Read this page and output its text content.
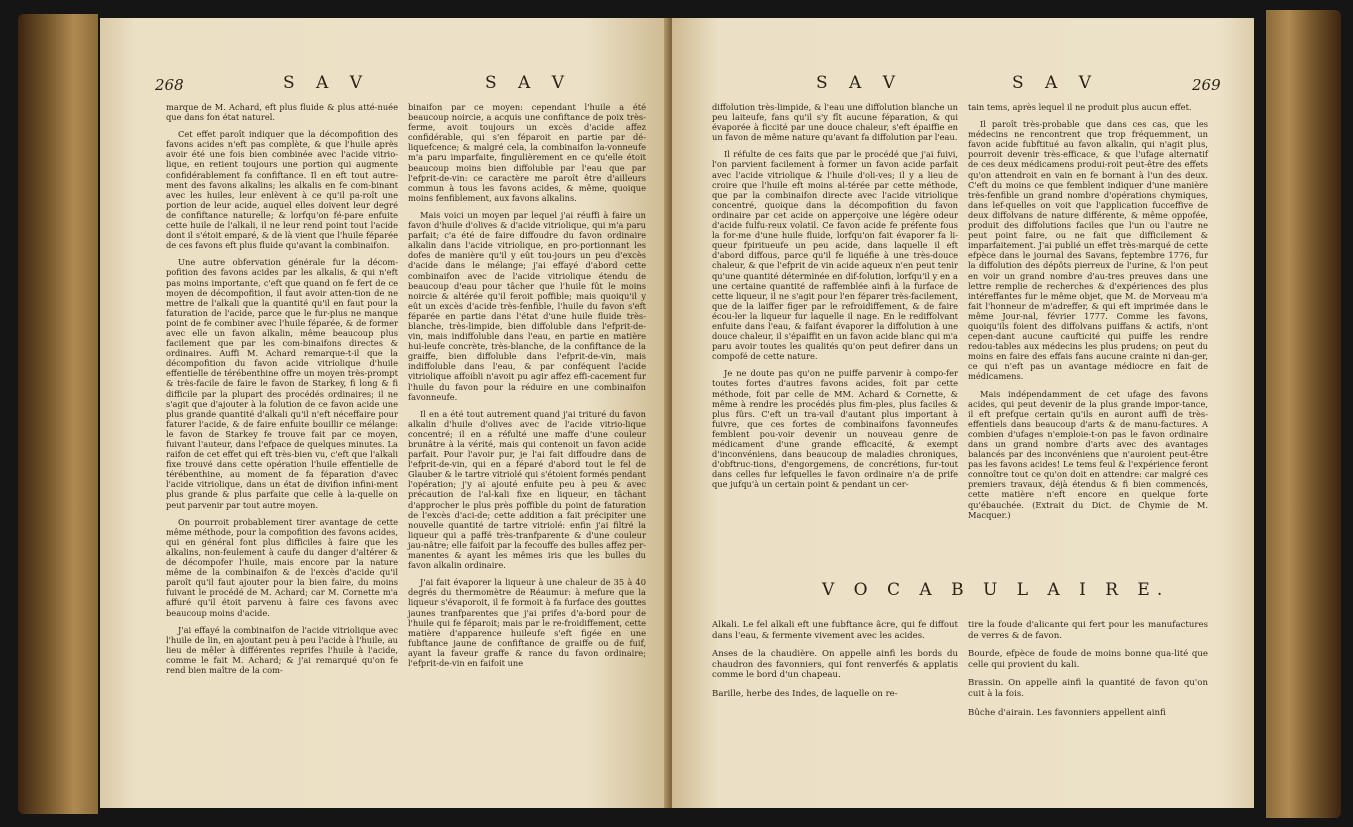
268	S A V	S A V

marque de M. Achard, eft plus fluide & plus atté-nuée que dans fon état naturel.

Cet effet paroît indiquer que la décompofition des favons acides n'eft pas complète, & que l'huile après avoir été une fois bien combinée avec l'acide vitrio-lique, en retient toujours une portion qui augmente confidérablement fa confiftance. Il en eft tout autre-ment des favons alkalins; les alkalis en fe com-binant avec les huiles, leur enlèvent à ce qu'il pa-roît une portion de leur acide, auquel elles doivent leur degré de confiftance naturelle; & lorfqu'on fé-pare enfuite cette huile de l'alkali, il ne leur rend point tout l'acide dont il s'étoit emparé, & de là vient que l'huile féparée de ces favons eft plus fluide qu'avant la combinaifon.

Une autre obfervation générale fur la décom-pofition des favons acides par les alkalis, & qui n'eft pas moins importante, c'eft que quand on fe fert de ce moyen de décompofition, il faut avoir atten-tion de ne mettre de l'alkali que la quantité qu'il en faut pour la faturation de l'acide, parce que le fur-plus ne manque point de fe combiner avec l'huile féparée, & de former avec elle un favon alkalin, même beaucoup plus facilement que par les com-binaifons directes & ordinaires. Auffi M. Achard remarque-t-il que la décompofition du favon acide vitriolique d'huile effentielle de térébenthine offre un moyen très-prompt & très-facile de faire le favon de Starkey, fi long & fi difficile par la plupart des procédés ordinaires; il ne s'agit que d'ajouter à la folution de ce favon acide une plus grande quantité d'alkali qu'il n'eft néceffaire pour faturer l'acide, & de faire enfuite bouillir ce mélange: le favon de Starkey fe trouve fait par ce moyen, fuivant l'auteur, dans l'efpace de quelques minutes. La raifon de cet effet qui eft très-bien vu, c'eft que l'alkali fixe trouvé dans cette opération l'huile effentielle de térébenthine, au moment de fa féparation d'avec l'acide vitriolique, dans un état de divifion infini-ment plus grande & plus parfaite que celle à la-quelle on peut parvenir par tout autre moyen.

On pourroit probablement tirer avantage de cette même méthode, pour la compofition des favons acides, qui en général font plus difficiles à faire que les alkalins, non-feulement à caufe du danger d'altérer & de décompofer l'huile, mais encore par la nature même de la combinaifon & de l'excès d'acide qu'il paroît qu'il faut ajouter pour la bien faire, du moins fuivant le procédé de M. Achard; car M. Cornette m'a affuré qu'il étoit parvenu à faire ces favons avec beaucoup moins d'acide.

J'ai effayé la combinaifon de l'acide vitriolique avec l'huile de lin, en ajoutant peu à peu l'acide à l'huile, au lieu de mêler à différentes reprifes l'huile à l'acide, comme le fait M. Achard; & j'ai remarqué qu'on fe rend bien maître de la com-

binaifon par ce moyen: cependant l'huile a été beaucoup noircie, a acquis une confiftance de poix très-ferme, avoit toujours un excès d'acide affez confidérable, qui s'en féparoit en partie par dé-liquefcence; & malgré cela, la combinaifon la-vonneufe m'a paru imparfaite, fingulièrement en ce qu'elle étoit beaucoup moins bien diffoluble par l'eau que par l'efprit-de-vin: ce caractère me paroît être d'ailleurs commun à tous les favons acides, & même, quoique moins fenfiblement, aux favons alkalins.

Mais voici un moyen par lequel j'ai réuffi à faire un favon d'huile d'olives & d'acide vitriolique, qui m'a paru parfait; c'a été de faire diffoudre du favon ordinaire alkalin dans l'acide vitriolique, en pro-portionnant les dofes de manière qu'il y eût tou-jours un peu d'excès d'acide dans le mélange; j'ai effayé d'abord cette combinaifon avec de l'acide vitriolique étendu de beaucoup d'eau pour tâcher que l'huile fût le moins noircie & altérée qu'il feroit poffible; mais quoiqu'il y eût un excès d'acide très-fenfible, l'huile du favon s'eft féparée en partie dans l'état d'une huile fluide très-blanche, très-limpide, bien diffoluble dans l'efprit-de-vin, mais indiffoluble dans l'eau, en partie en matière hui-leufe concrète, très-blanche, de la confiftance de la graiffe, bien diffoluble dans l'efprit-de-vin, mais indiffoluble dans l'eau, & par conféquent l'acide vitriolique affoibli n'avoit pu agir affez effi-cacement fur l'huile du favon pour la réduire en une combinaifon favonneufe.

Il en a été tout autrement quand j'ai trituré du favon alkalin d'huile d'olives avec de l'acide vitrio-lique concentré; il en a réfulté une maffe d'une couleur brunâtre à la vérité, mais qui contenoit un favon acide parfait. Pour l'avoir pur, je l'ai fait diffoudre dans de l'efprit-de-vin, qui en a féparé d'abord tout le fel de Glauber & le tartre vitriolé qui s'étoient formés pendant l'opération; j'y ai ajouté enfuite peu à peu & avec précaution de l'al-kali fixe en liqueur, en tâchant d'approcher le plus près poffible du point de faturation de l'excès d'aci-de; cette addition a fait précipiter une nouvelle quantité de tartre vitriolé: enfin j'ai filtré la liqueur qui a paffé très-tranfparente & d'une couleur jau-nâtre; elle faifoit par la fecouffe des bulles affez per-manentes & ayant les mêmes iris que les bulles du favon alkalin ordinaire.

J'ai fait évaporer la liqueur à une chaleur de 35 à 40 degrés du thermomètre de Réaumur: à mefure que la liqueur s'évaporoit, il fe formoit à fa furface des gouttes jaunes tranfparentes que j'ai prifes d'a-bord pour de l'huile qui fe féparoit; mais par le re-froidiffement, cette matière d'apparence huileufe s'eft figée en une fubftance jaune de confiftance de graiffe ou de fuif, ayant la faveur graffe & rance du favon ordinaire; l'efprit-de-vin en faifoit une

S A V	S A V	269

diffolution très-limpide, & l'eau une diffolution blanche un peu laiteufe, fans qu'il s'y fît aucune féparation, & qui évaporée à ficcité par une douce chaleur, s'eft épaiffie en un favon de même nature qu'avant fa diffolution par l'eau.

Il réfulte de ces faits que par le procédé que j'ai fuivi, l'on parvient facilement à former un favon acide parfait avec l'acide vitriolique & l'huile d'oli-ves; il y a lieu de croire que l'huile eft moins al-térée par cette méthode, que par la combinaifon directe avec l'acide vitriolique concentré, quoique dans la décompofition du favon ordinaire par cet acide on apperçoive une légère odeur d'acide fulfu-reux volatil. Ce favon acide fe préfente fous la for-me d'une huile fluide, lorfqu'on fait évaporer fa li-queur fpiritueufe un peu acide, dans laquelle il eft d'abord diffous, parce qu'il fe liquéfie à une très-douce chaleur, & que l'efprit de vin acide aqueux n'en peut tenir qu'une quantité déterminée en dif-folution, lorfqu'il y en a une certaine quantité de raffemblée ainfi à la furface de cette liqueur, il ne s'agit pour l'en féparer très-facilement, que de la laiffer figer par le refroidiffement, & de faire écou-ler la liqueur fur laquelle il nage. En le rediffolvant enfuite dans l'eau, & faifant évaporer la diffolution à une douce chaleur, il s'épaiffit en un favon acide blanc qui m'a paru avoir toutes les qualités qu'on peut defirer dans un compofé de cette nature.

Je ne doute pas qu'on ne puiffe parvenir à compo-fer toutes fortes d'autres favons acides, foit par cette méthode, foit par celle de MM. Achard & Cornette, & même à rendre les procédés plus fim-ples, plus faciles & plus fûrs. C'eft un tra-vail d'autant plus important à fuivre, que ces fortes de combinaifons favonneufes femblent pou-voir devenir un nouveau genre de médicament d'une grande efficacité, & exempt d'inconvéniens, dans beaucoup de maladies chroniques, d'obftruc-tions, d'engorgemens, de concrétions, fur-tout dans celles fur lefquelles le favon ordinaire n'a de prife que jufqu'à un certain point & pendant un cer-

tain tems, après lequel il ne produit plus aucun effet.

Il paroît très-probable que dans ces cas, que les médecins ne rencontrent que trop fréquemment, un favon acide fubftitué au favon alkalin, qui n'agit plus, pourroit devenir très-efficace, & que l'ufage alternatif de ces deux médicamens produi-roit peut-être des effets qu'on attendroit en vain en fe bornant à l'un des deux. C'eft du moins ce que femblent indiquer d'une manière très-fenfible un grand nombre d'opérations chymiques, dans lef-quelles on voit que l'application fucceffive de deux diffolvans de nature différente, & même oppofée, produit des diffolutions faciles que l'un ou l'autre ne peut point faire, ou ne fait que difficilement & imparfaitement. J'ai publié un effet très-marqué de cette efpèce dans le journal des Savans, feptembre 1776, fur la diffolution des dépôts pierreux de l'urine, & l'on peut en voir un grand nombre d'au-tres preuves dans une lettre remplie de recherches & d'expériences des plus intéreffantes fur le même objet, que M. de Morveau m'a fait l'honneur de m'adreffer, & qui eft imprimée dans le même Jour-nal, février 1777. Comme les favons, quoiqu'ils foient des diffolvans puiffans & actifs, n'ont cepen-dant aucune caufticité qui puiffe les rendre redou-tables aux médecins les plus prudens; on peut du moins en faire des effais fans aucune crainte ni dan-ger, ce qui n'eft pas un avantage médiocre en fait de médicamens.

Mais indépendamment de cet ufage des favons acides, qui peut devenir de la plus grande impor-tance, il eft prefque certain qu'ils en auront auffi de très-effentiels dans beaucoup d'arts & de manu-factures. A combien d'ufages n'emploie-t-on pas le favon ordinaire dans un grand nombre d'arts avec des avantages balancés par des inconvéniens que n'auroient peut-être pas les favons acides! Le tems feul & l'expérience feront connoître tout ce qu'on doit en attendre: car malgré ces premiers travaux, déjà étendus & fi bien commencés, cette matière n'eft encore en quelque forte qu'ébauchée. (Extrait du Dict. de Chymie de M. Macquer.)

V O C A B U L A I R E.
Alkali. Le fel alkali eft une fubftance âcre, qui fe diffout dans l'eau, & fermente vivement avec les acides.
Anses de la chaudière. On appelle ainfi les bords du chaudron des favonniers, qui font renverfés & applatis comme le bord d'un chapeau.
Barille, herbe des Indes, de laquelle on re-
tire la foude d'alicante qui fert pour les manufactures de verres & de favon.
Bourde, efpèce de foude de moins bonne qua-lité que celle qui provient du kali.
Brassin. On appelle ainfi la quantité de favon qu'on cuit à la fois.
Bûche d'airain. Les favonniers appellent ainfi
